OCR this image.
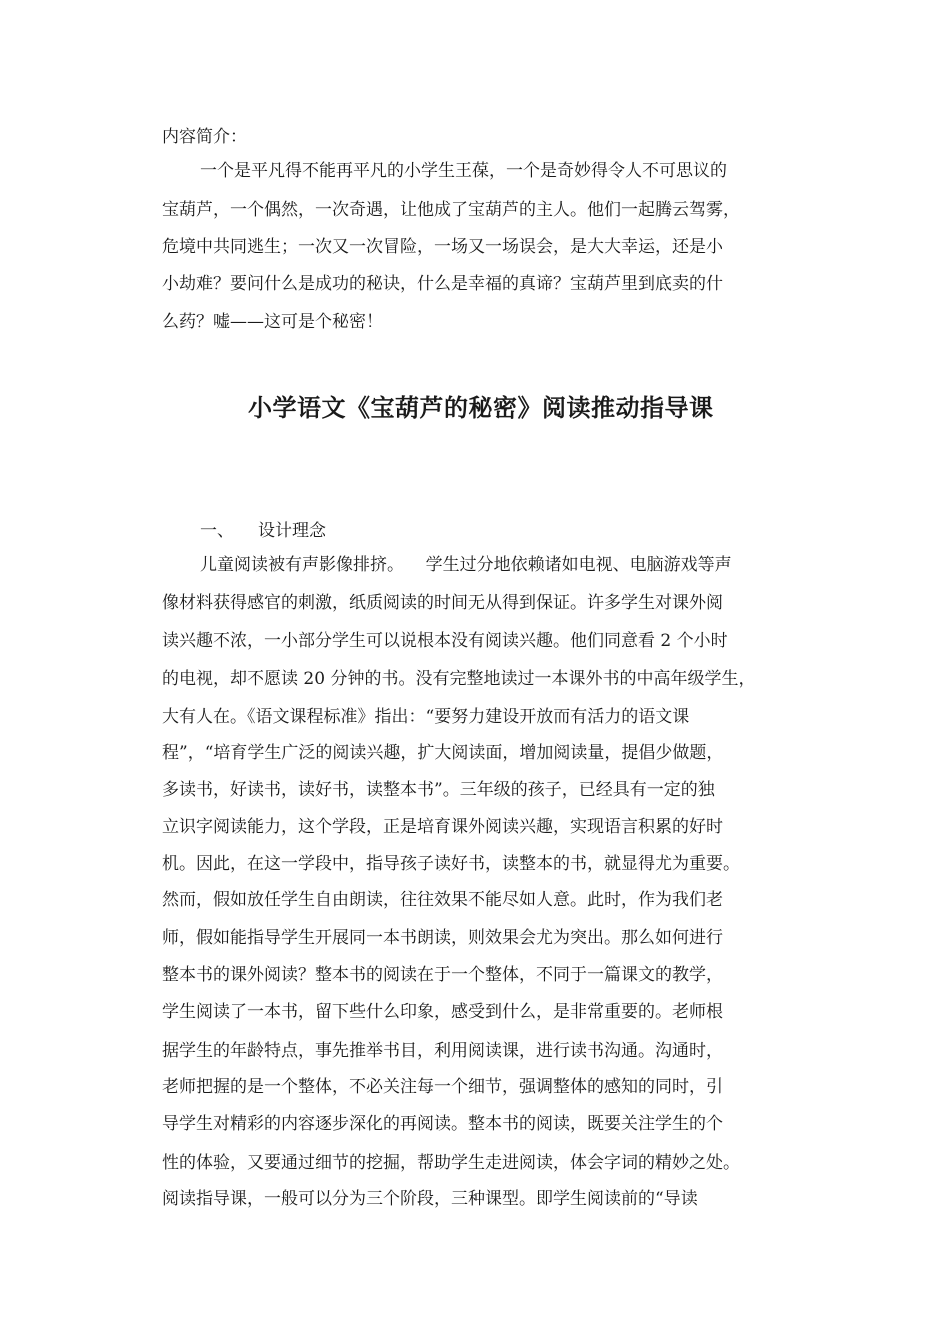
内容简介：
一个是平凡得不能再平凡的小学生王葆，一个是奇妙得令人不可思议的
宝葫芦，一个偶然，一次奇遇，让他成了宝葫芦的主人。他们一起腾云驾雾，
危境中共同逃生；一次又一次冒险，一场又一场误会，是大大幸运，还是小
小劫难？要问什么是成功的秘诀，什么是幸福的真谛？宝葫芦里到底卖的什
么药？嘘——这可是个秘密！
小学语文《宝葫芦的秘密》阅读推动指导课
一、 设计理念
儿童阅读被有声影像排挤。    学生过分地依赖诸如电视、电脑游戏等声
像材料获得感官的刺激，纸质阅读的时间无从得到保证。许多学生对课外阅
读兴趣不浓，一小部分学生可以说根本没有阅读兴趣。他们同意看 2 个小时
的电视，却不愿读 20 分钟的书。没有完整地读过一本课外书的中高年级学生，
大有人在。《语文课程标准》指出：“要努力建设开放而有活力的语文课
程”，“培育学生广泛的阅读兴趣，扩大阅读面，增加阅读量，提倡少做题，
多读书，好读书，读好书，读整本书”。三年级的孩子，已经具有一定的独
立识字阅读能力，这个学段，正是培育课外阅读兴趣，实现语言积累的好时
机。因此，在这一学段中，指导孩子读好书，读整本的书，就显得尤为重要。
然而，假如放任学生自由朗读，往往效果不能尽如人意。此时，作为我们老
师，假如能指导学生开展同一本书朗读，则效果会尤为突出。那么如何进行
整本书的课外阅读？整本书的阅读在于一个整体，不同于一篇课文的教学，
学生阅读了一本书，留下些什么印象，感受到什么，是非常重要的。老师根
据学生的年龄特点，事先推举书目，利用阅读课，进行读书沟通。沟通时，
老师把握的是一个整体，不必关注每一个细节，强调整体的感知的同时，引
导学生对精彩的内容逐步深化的再阅读。整本书的阅读，既要关注学生的个
性的体验，又要通过细节的挖掘，帮助学生走进阅读，体会字词的精妙之处。
阅读指导课，一般可以分为三个阶段，三种课型。即学生阅读前的“导读
